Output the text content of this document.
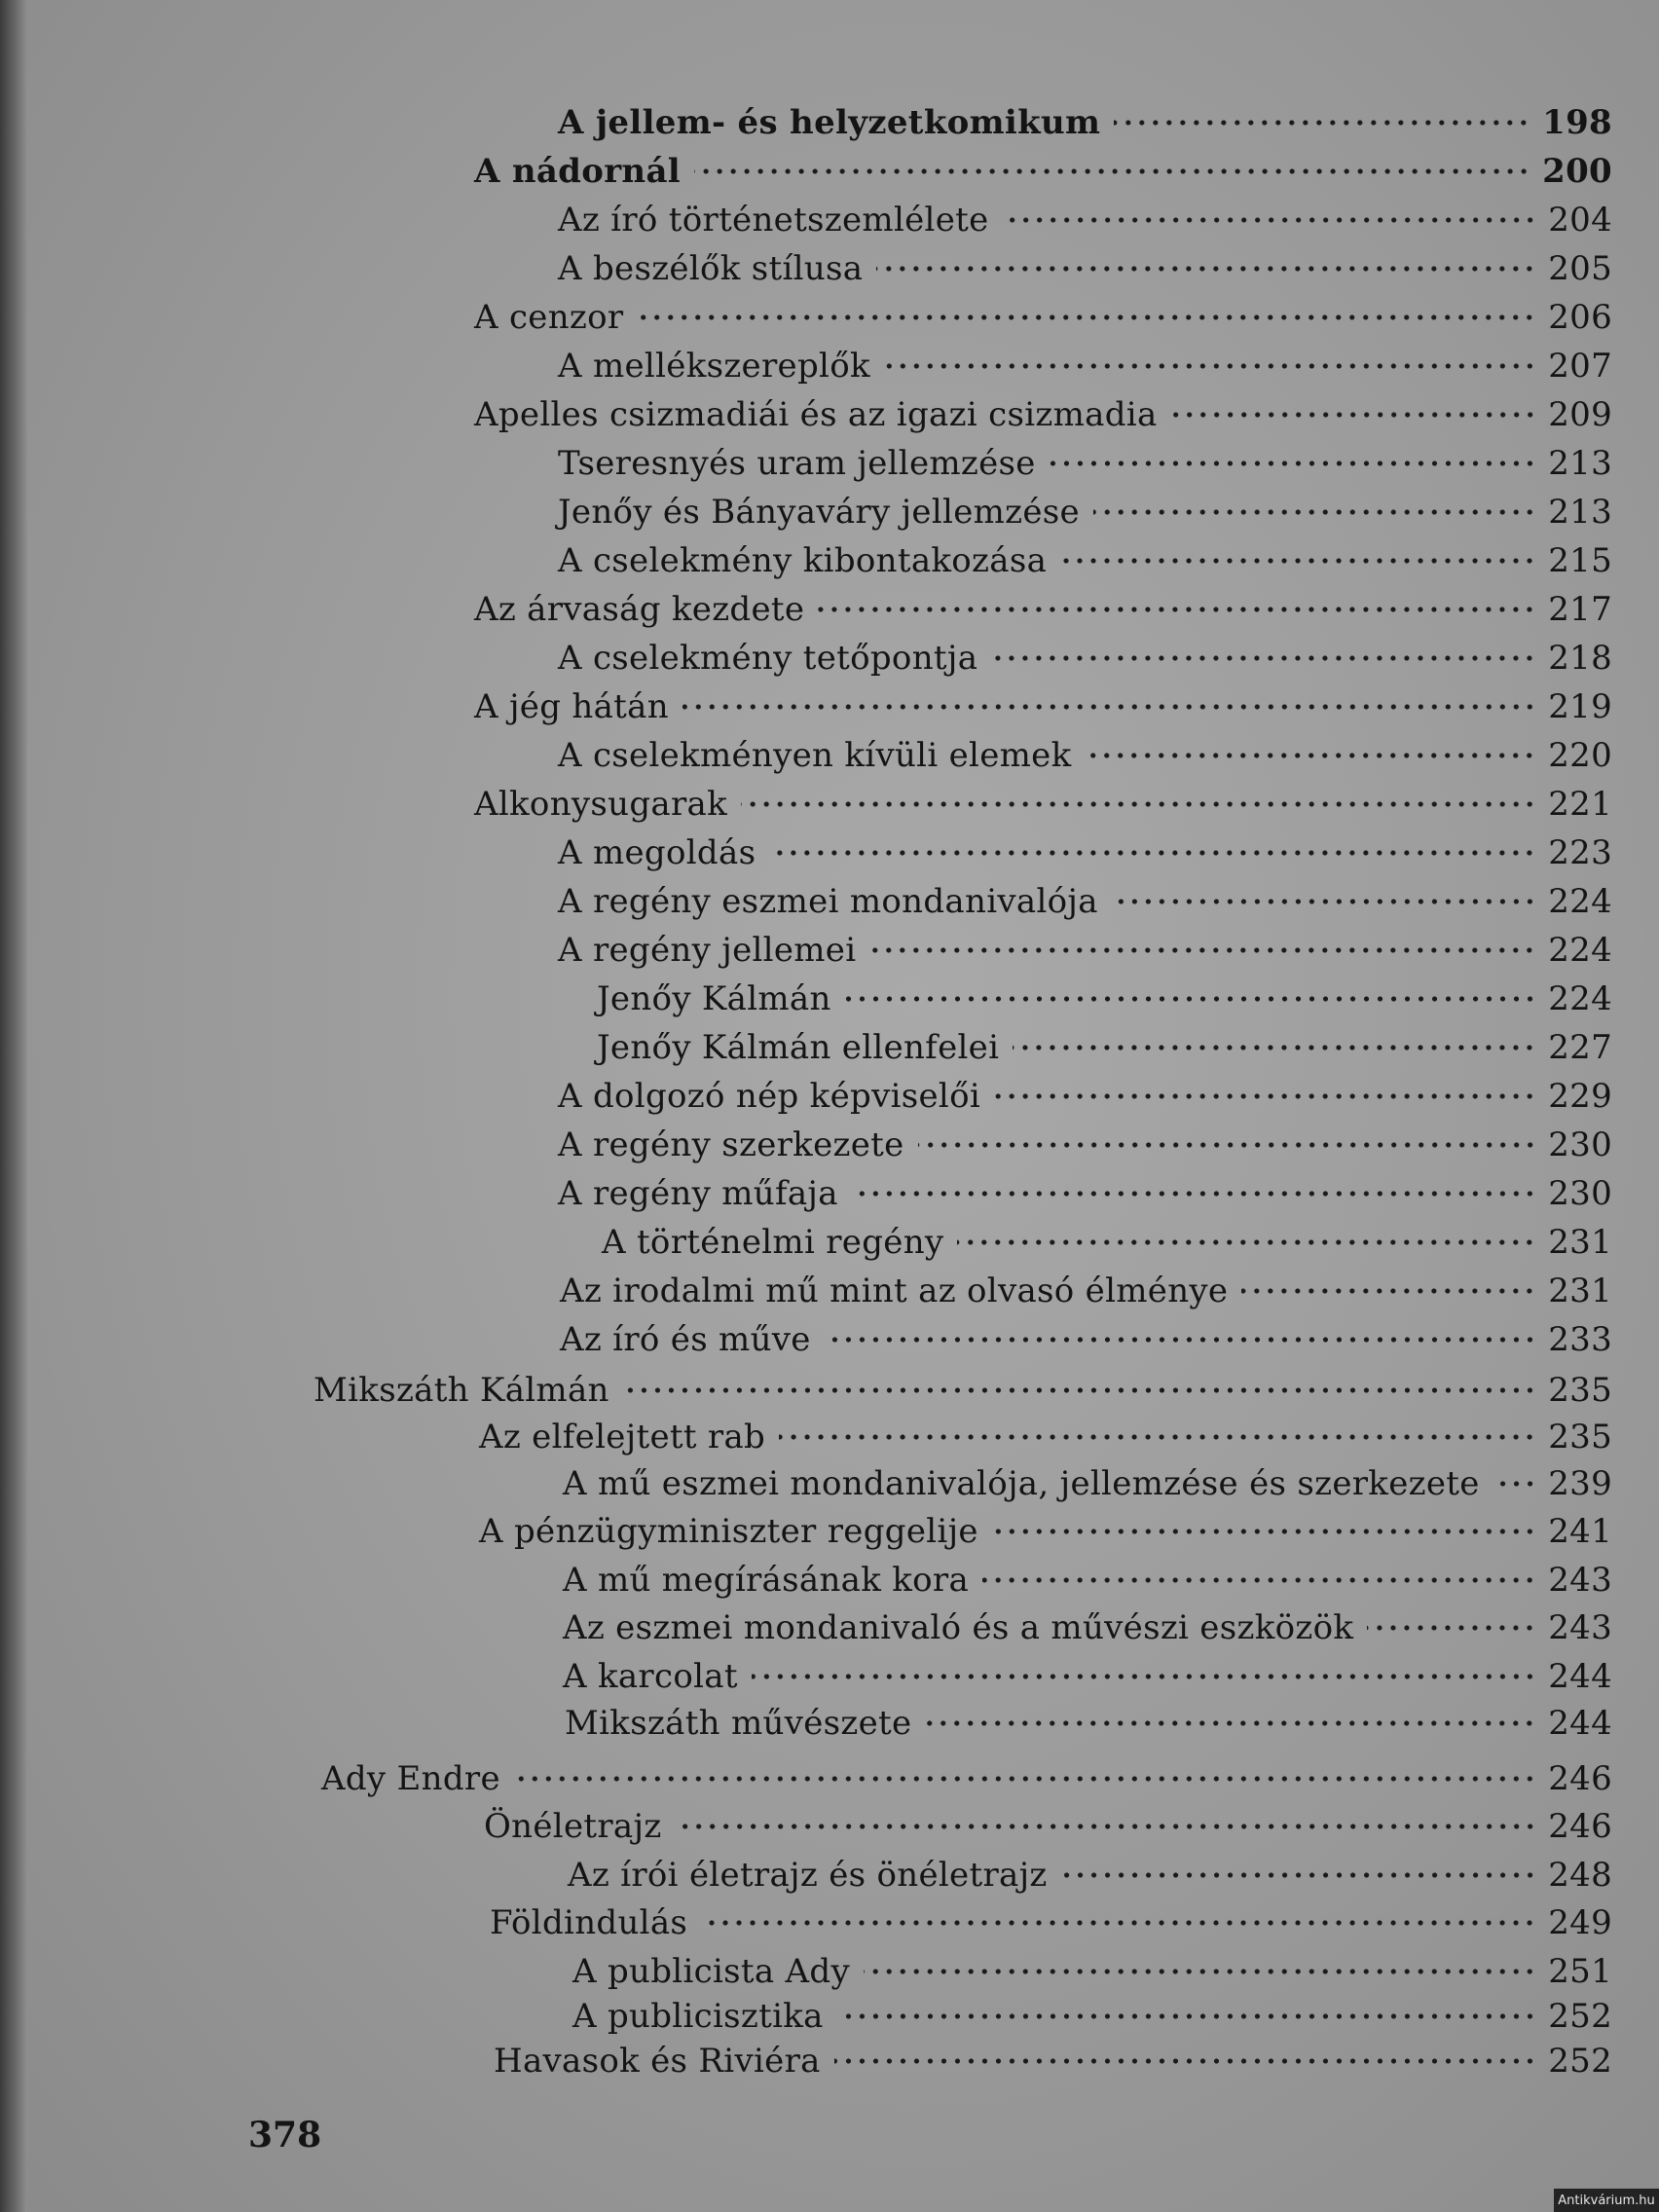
A jellem- és helyzetkomikum	198
A nádornál	200
Az író történetszemlélete	204
A beszélők stílusa	205
A cenzor	206
A mellékszereplők	207
Apelles csizmadiái és az igazi csizmadia	209
Tseresnyés uram jellemzése	213
Jenőy és Bányaváry jellemzése	213
A cselekmény kibontakozása	215
Az árvaság kezdete	217
A cselekmény tetőpontja	218
A jég hátán	219
A cselekményen kívüli elemek	220
Alkonysugarak	221
A megoldás	223
A regény eszmei mondanivalója	224
A regény jellemei	224
Jenőy Kálmán	224
Jenőy Kálmán ellenfelei	227
A dolgozó nép képviselői	229
A regény szerkezete	230
A regény műfaja	230
A történelmi regény	231
Az irodalmi mű mint az olvasó élménye	231
Az író és műve	233
Mikszáth Kálmán	235
Az elfelejtett rab	235
A mű eszmei mondanivalója, jellemzése és szerkezete 239
A pénzügyminiszter reggelije	241
A mű megírásának kora	243
Az eszmei mondanivaló és a művészi eszközök	243
A karcolat	244
Mikszáth művészete	244
Ady Endre	246
Önéletrajz	246
Az írói életrajz és önéletrajz	248
Földindulás	249
A publicista Ady	251
A publicisztika	252
Havasok és Riviéra	252
378
Antikvárium.hu
